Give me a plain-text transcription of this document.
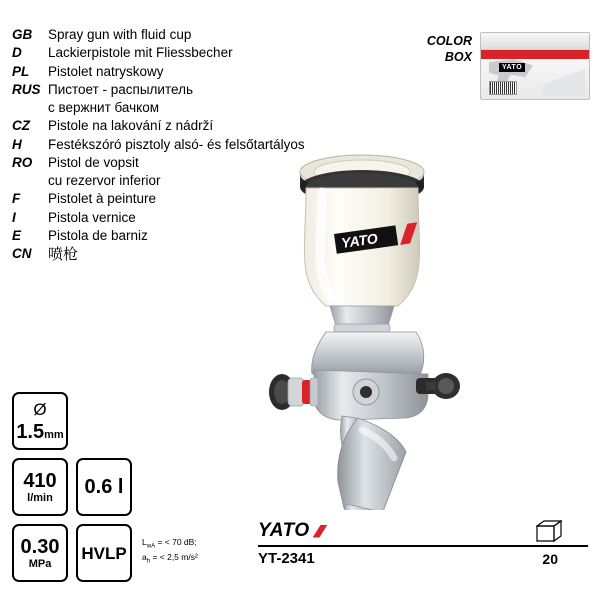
GB	Spray gun with fluid cup
D	Lackierpistole mit Fliessbecher
PL	Pistolet natryskowy
RUS Пистоет - распылитель
с вержнит бачком
CZ	Pistole na lakování z nádrží
H	Festékszóró pisztoly alsó- és felsőtartályos
RO	Pistol de vopsit
cu rezervor inferior
F	Pistolet à peinture
I	Pistola vernice
E	Pistola de barniz
CN	喷枪
COLOR
BOX
YATO
YATO
Ø
1.5mm
410
l/min 0.6 l
0.30
MPa
HVLP
$L_{wA}$ = < 70 dB;
$a_h$ = < 2,5 m/s²
YATO
YT-2341	20
